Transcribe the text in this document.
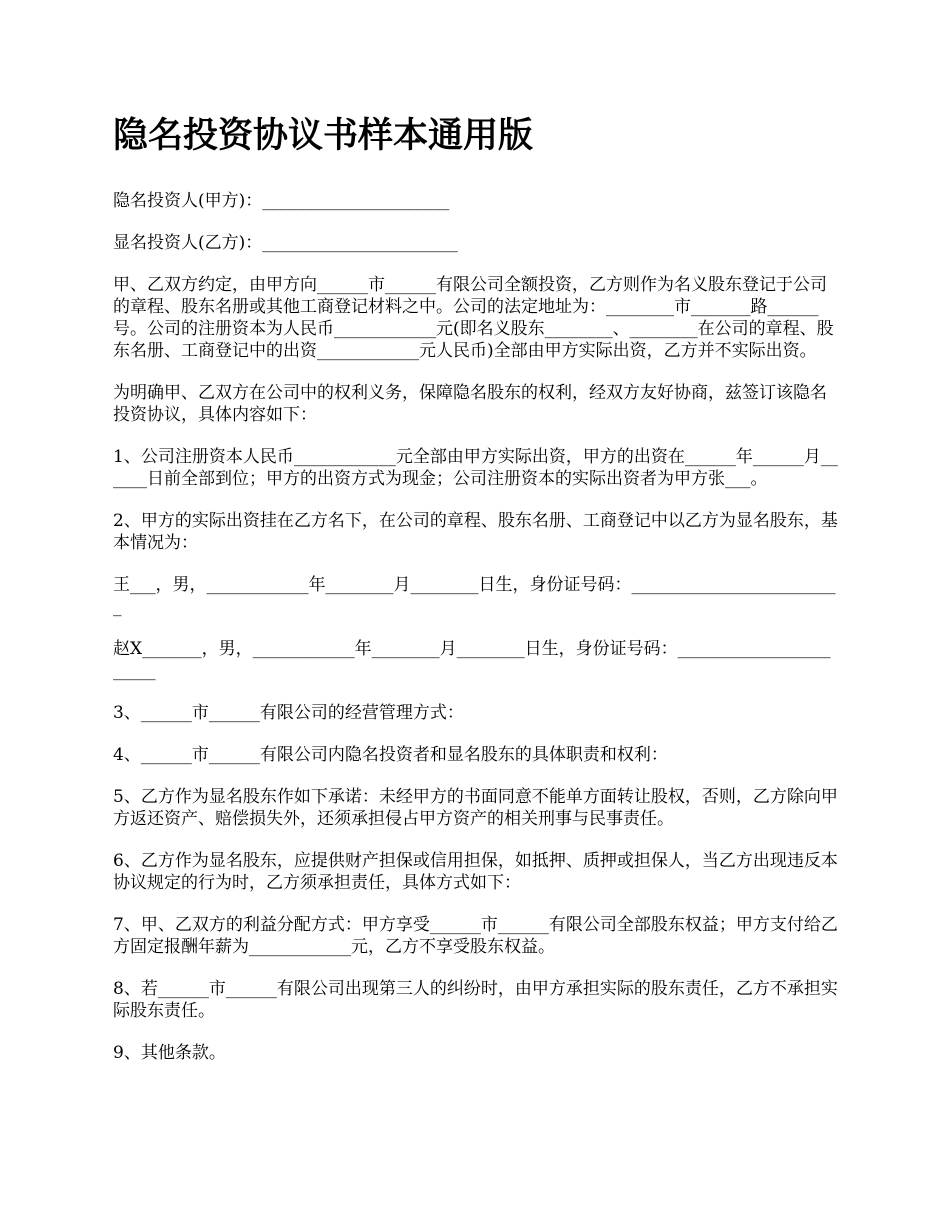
隐名投资协议书样本通用版

隐名投资人(甲方)：______________________

显名投资人(乙方)：_______________________

甲、乙双方约定，由甲方向______市______有限公司全额投资，乙方则作为名义股东登记于公司的章程、股东名册或其他工商登记材料之中。公司的法定地址为：________市_______路______号。公司的注册资本为人民币____________元(即名义股东________、________在公司的章程、股东名册、工商登记中的出资____________元人民币)全部由甲方实际出资，乙方并不实际出资。

为明确甲、乙双方在公司中的权利义务，保障隐名股东的权利，经双方友好协商，兹签订该隐名投资协议，具体内容如下：

1、公司注册资本人民币____________元全部由甲方实际出资，甲方的出资在______年______月______日前全部到位；甲方的出资方式为现金；公司注册资本的实际出资者为甲方张___。

2、甲方的实际出资挂在乙方名下，在公司的章程、股东名册、工商登记中以乙方为显名股东，基本情况为：

王___，男，____________年________月________日生，身份证号码：_________________________

赵X_______，男，____________年________月________日生，身份证号码：_______________________

3、______市______有限公司的经营管理方式：

4、______市______有限公司内隐名投资者和显名股东的具体职责和权利：

5、乙方作为显名股东作如下承诺：未经甲方的书面同意不能单方面转让股权，否则，乙方除向甲方返还资产、赔偿损失外，还须承担侵占甲方资产的相关刑事与民事责任。

6、乙方作为显名股东，应提供财产担保或信用担保，如抵押、质押或担保人，当乙方出现违反本协议规定的行为时，乙方须承担责任，具体方式如下：

7、甲、乙双方的利益分配方式：甲方享受______市______有限公司全部股东权益；甲方支付给乙方固定报酬年薪为____________元，乙方不享受股东权益。

8、若______市______有限公司出现第三人的纠纷时，由甲方承担实际的股东责任，乙方不承担实际股东责任。

9、其他条款。
